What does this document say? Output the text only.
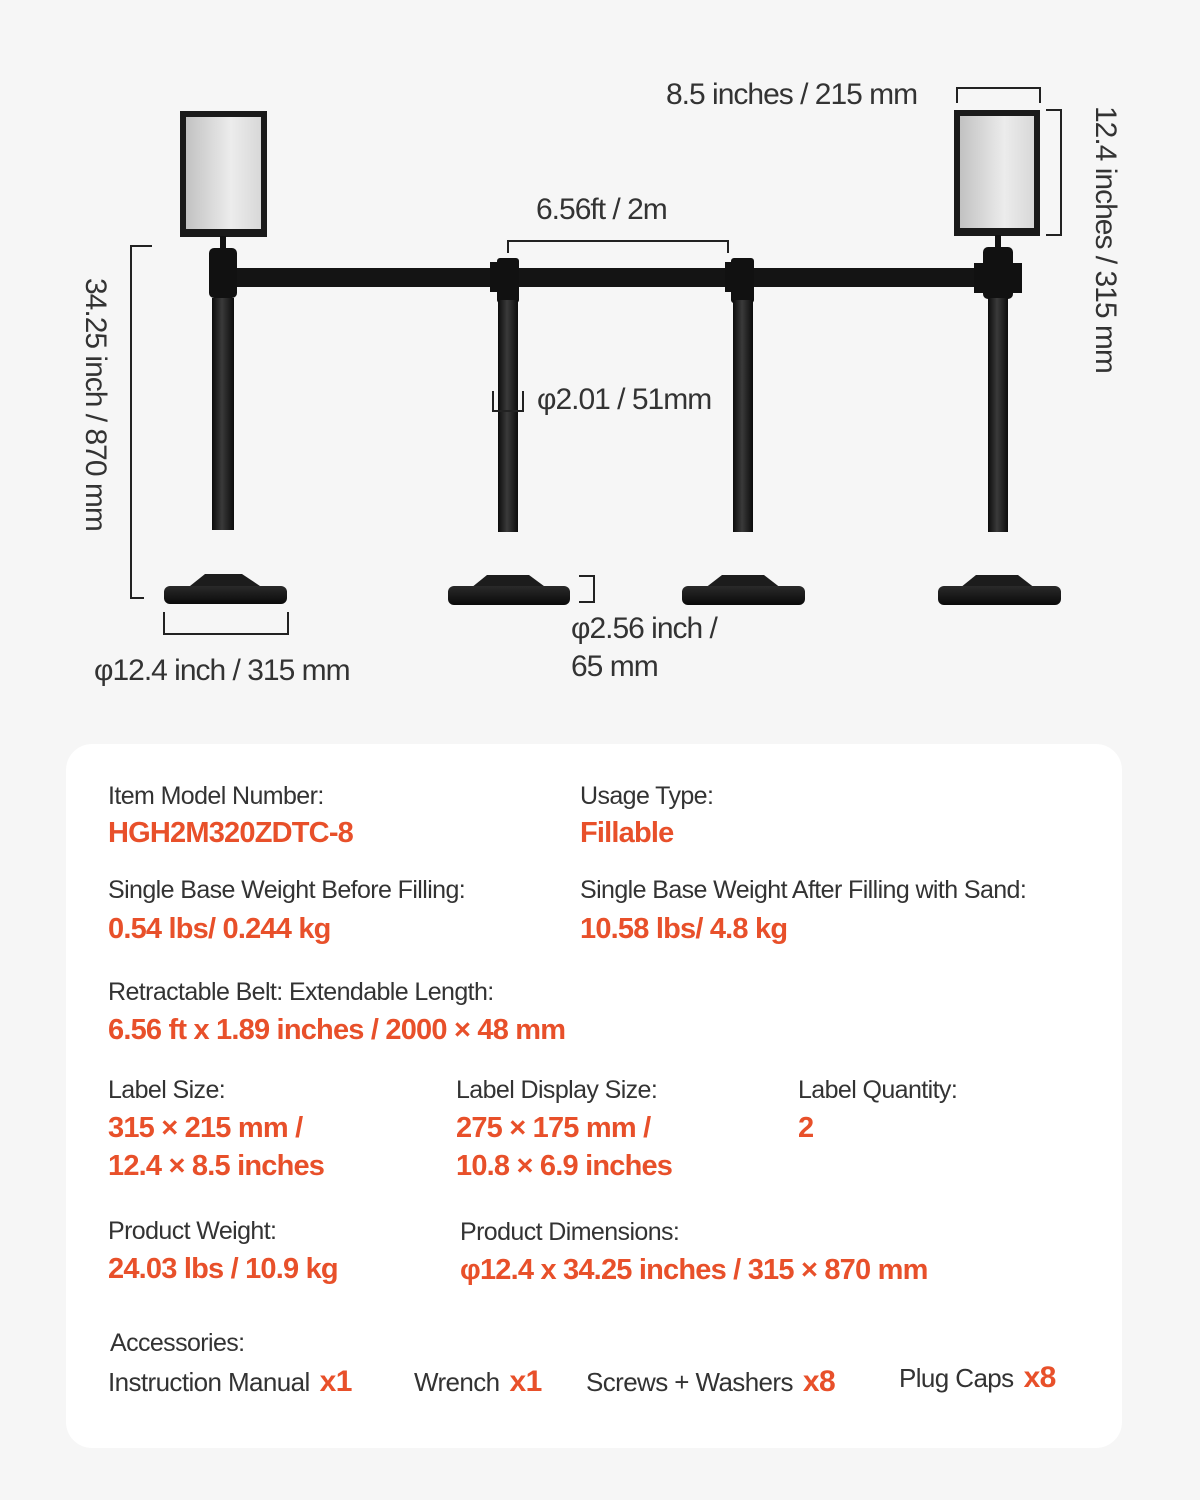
8.5 inches / 215 mm
12.4 inches / 315 mm
6.56ft / 2m
φ2.01 / 51mm
34.25 inch / 870 mm
φ12.4 inch / 315 mm
φ2.56 inch /
65 mm
Item Model Number:
HGH2M320ZDTC-8
Usage Type:
Fillable
Single Base Weight Before Filling:
0.54 lbs/ 0.244 kg
Single Base Weight After Filling with Sand:
10.58 lbs/ 4.8 kg
Retractable Belt: Extendable Length:
6.56 ft x 1.89 inches / 2000 × 48 mm
Label Size:
315 × 215 mm /
12.4 × 8.5 inches
Label Display Size:
275 × 175 mm /
10.8 × 6.9 inches
Label Quantity:
2
Product Weight:
24.03 lbs / 10.9 kg
Product Dimensions:
φ12.4 x 34.25 inches / 315 × 870 mm
Accessories:
Instruction Manual x1 Wrench x1 Screws + Washers x8 Plug Caps x8
